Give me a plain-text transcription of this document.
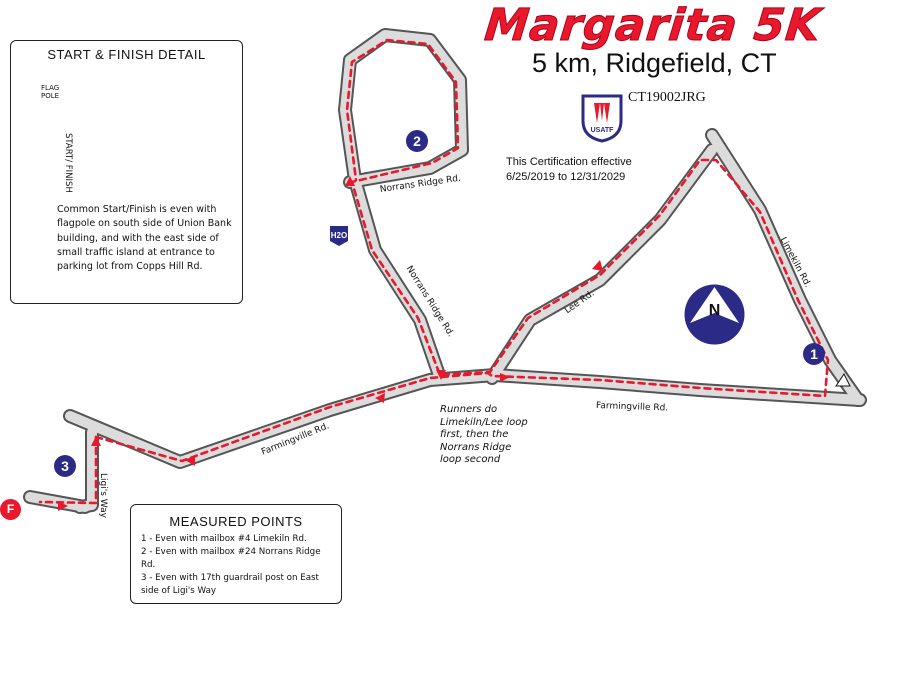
Margarita 5K
5 km, Ridgefield, CT
CT19002JRG
USATF
This Certification effective
6/25/2019 to 12/31/2029
START & FINISH DETAIL
FLAG
POLE
START/ FINISH
Common Start/Finish is even with flagpole on south side of Union Bank building, and with the east side of small traffic island at entrance to parking lot from Copps Hill Rd.
Norrans Ridge Rd.
Norrans Ridge Rd.	Lee Rd.
Limekiln Rd.
Farmingville Rd.
Farmingville Rd.
Ligi's Way
Runners do
Limekiln/Lee loop
first, then the
Norrans Ridge
loop second
1
2
3
F
H2O
N
MEASURED POINTS
1 - Even with mailbox #4 Limekiln Rd.
2 - Even with mailbox #24 Norrans Ridge Rd.
3 - Even with 17th guardrail post on East side of Ligi's Way
